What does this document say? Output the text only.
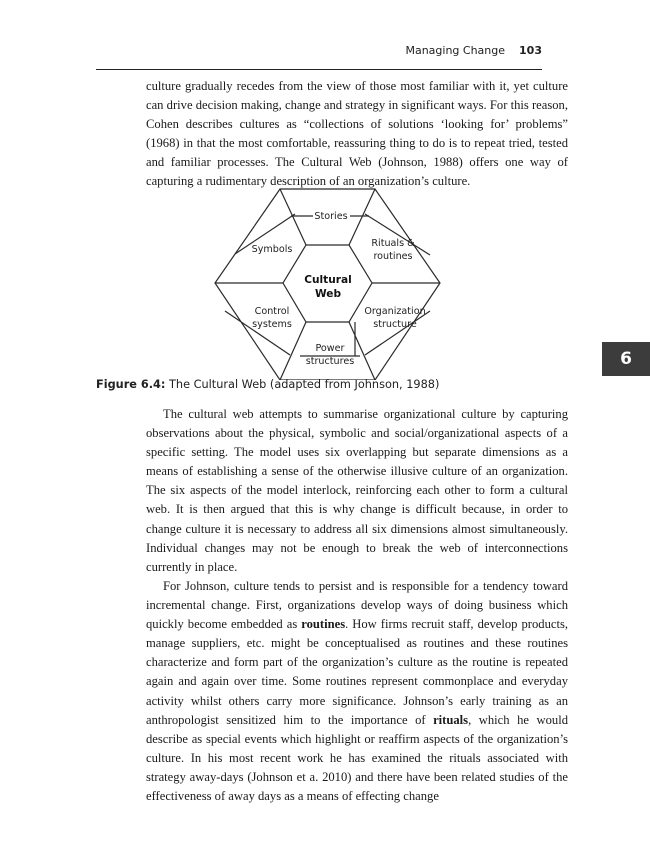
Managing Change 103

culture gradually recedes from the view of those most familiar with it, yet culture can drive decision making, change and strategy in significant ways. For this reason, Cohen describes cultures as “collections of solutions ‘looking for’ problems” (1968) in that the most comfortable, reassuring thing to do is to repeat tried, tested and familiar processes. The Cultural Web (Johnson, 1988) offers one way of capturing a rudimentary description of an organization’s culture.

Cultural
Web
Stories
Rituals &
routines
Symbols
Control
systems
Organization
structure
Power
structures	6
Figure 6.4: The Cultural Web (adapted from Johnson, 1988)

The cultural web attempts to summarise organizational culture by capturing observations about the physical, symbolic and social/organizational aspects of a specific setting. The model uses six overlapping but separate dimensions as a means of establishing a sense of the otherwise illusive culture of an organization. The six aspects of the model interlock, reinforcing each other to form a cultural web. It is then argued that this is why change is difficult because, in order to change culture it is necessary to address all six dimensions almost simultaneously. Individual changes may not be enough to break the web of interconnections currently in place.

For Johnson, culture tends to persist and is responsible for a tendency toward incremental change. First, organizations develop ways of doing business which quickly become embedded as routines. How firms recruit staff, develop products, manage suppliers, etc. might be conceptualised as routines and these routines characterize and form part of the organization’s culture as the routine is repeated again and again over time. Some routines represent commonplace and everyday activity whilst others carry more significance. Johnson’s early training as an anthropologist sensitized him to the importance of rituals, which he would describe as special events which highlight or reaffirm aspects of the organization’s culture. In his most recent work he has examined the rituals associated with strategy away-days (Johnson et a. 2010) and there have been related studies of the effectiveness of away days as a means of effecting change
